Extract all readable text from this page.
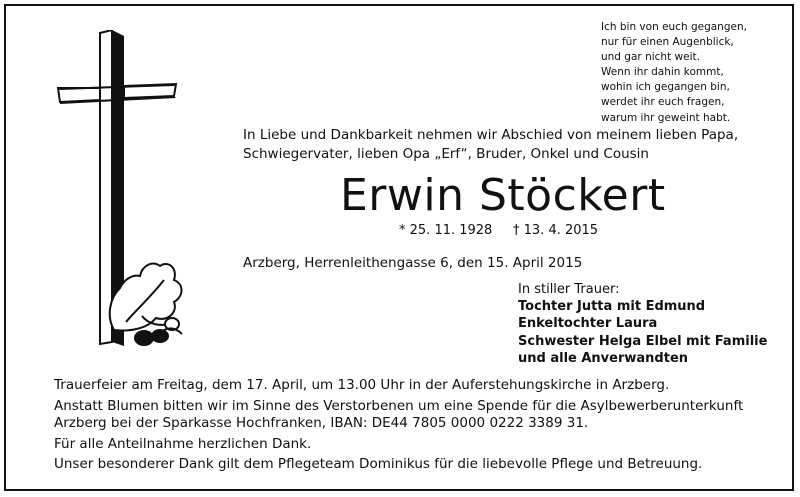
Ich bin von euch gegangen,
nur für einen Augenblick,
und gar nicht weit.
Wenn ihr dahin kommt,
wohin ich gegangen bin,
werdet ihr euch fragen,
warum ihr geweint habt.
In Liebe und Dankbarkeit nehmen wir Abschied von meinem lieben Papa,
Schwiegervater, lieben Opa „Erf“, Bruder, Onkel und Cousin
Erwin Stöckert
* 25. 11. 1928 † 13. 4. 2015
Arzberg, Herrenleithengasse 6, den 15. April 2015
In stiller Trauer:
Tochter Jutta mit Edmund
Enkeltochter Laura
Schwester Helga Elbel mit Familie
und alle Anverwandten
Trauerfeier am Freitag, dem 17. April, um 13.00 Uhr in der Auferstehungskirche in Arzberg.
Anstatt Blumen bitten wir im Sinne des Verstorbenen um eine Spende für die Asylbewerberunterkunft
Arzberg bei der Sparkasse Hochfranken, IBAN: DE44 7805 0000 0222 3389 31.
Für alle Anteilnahme herzlichen Dank.
Unser besonderer Dank gilt dem Pflegeteam Dominikus für die liebevolle Pflege und Betreuung.
